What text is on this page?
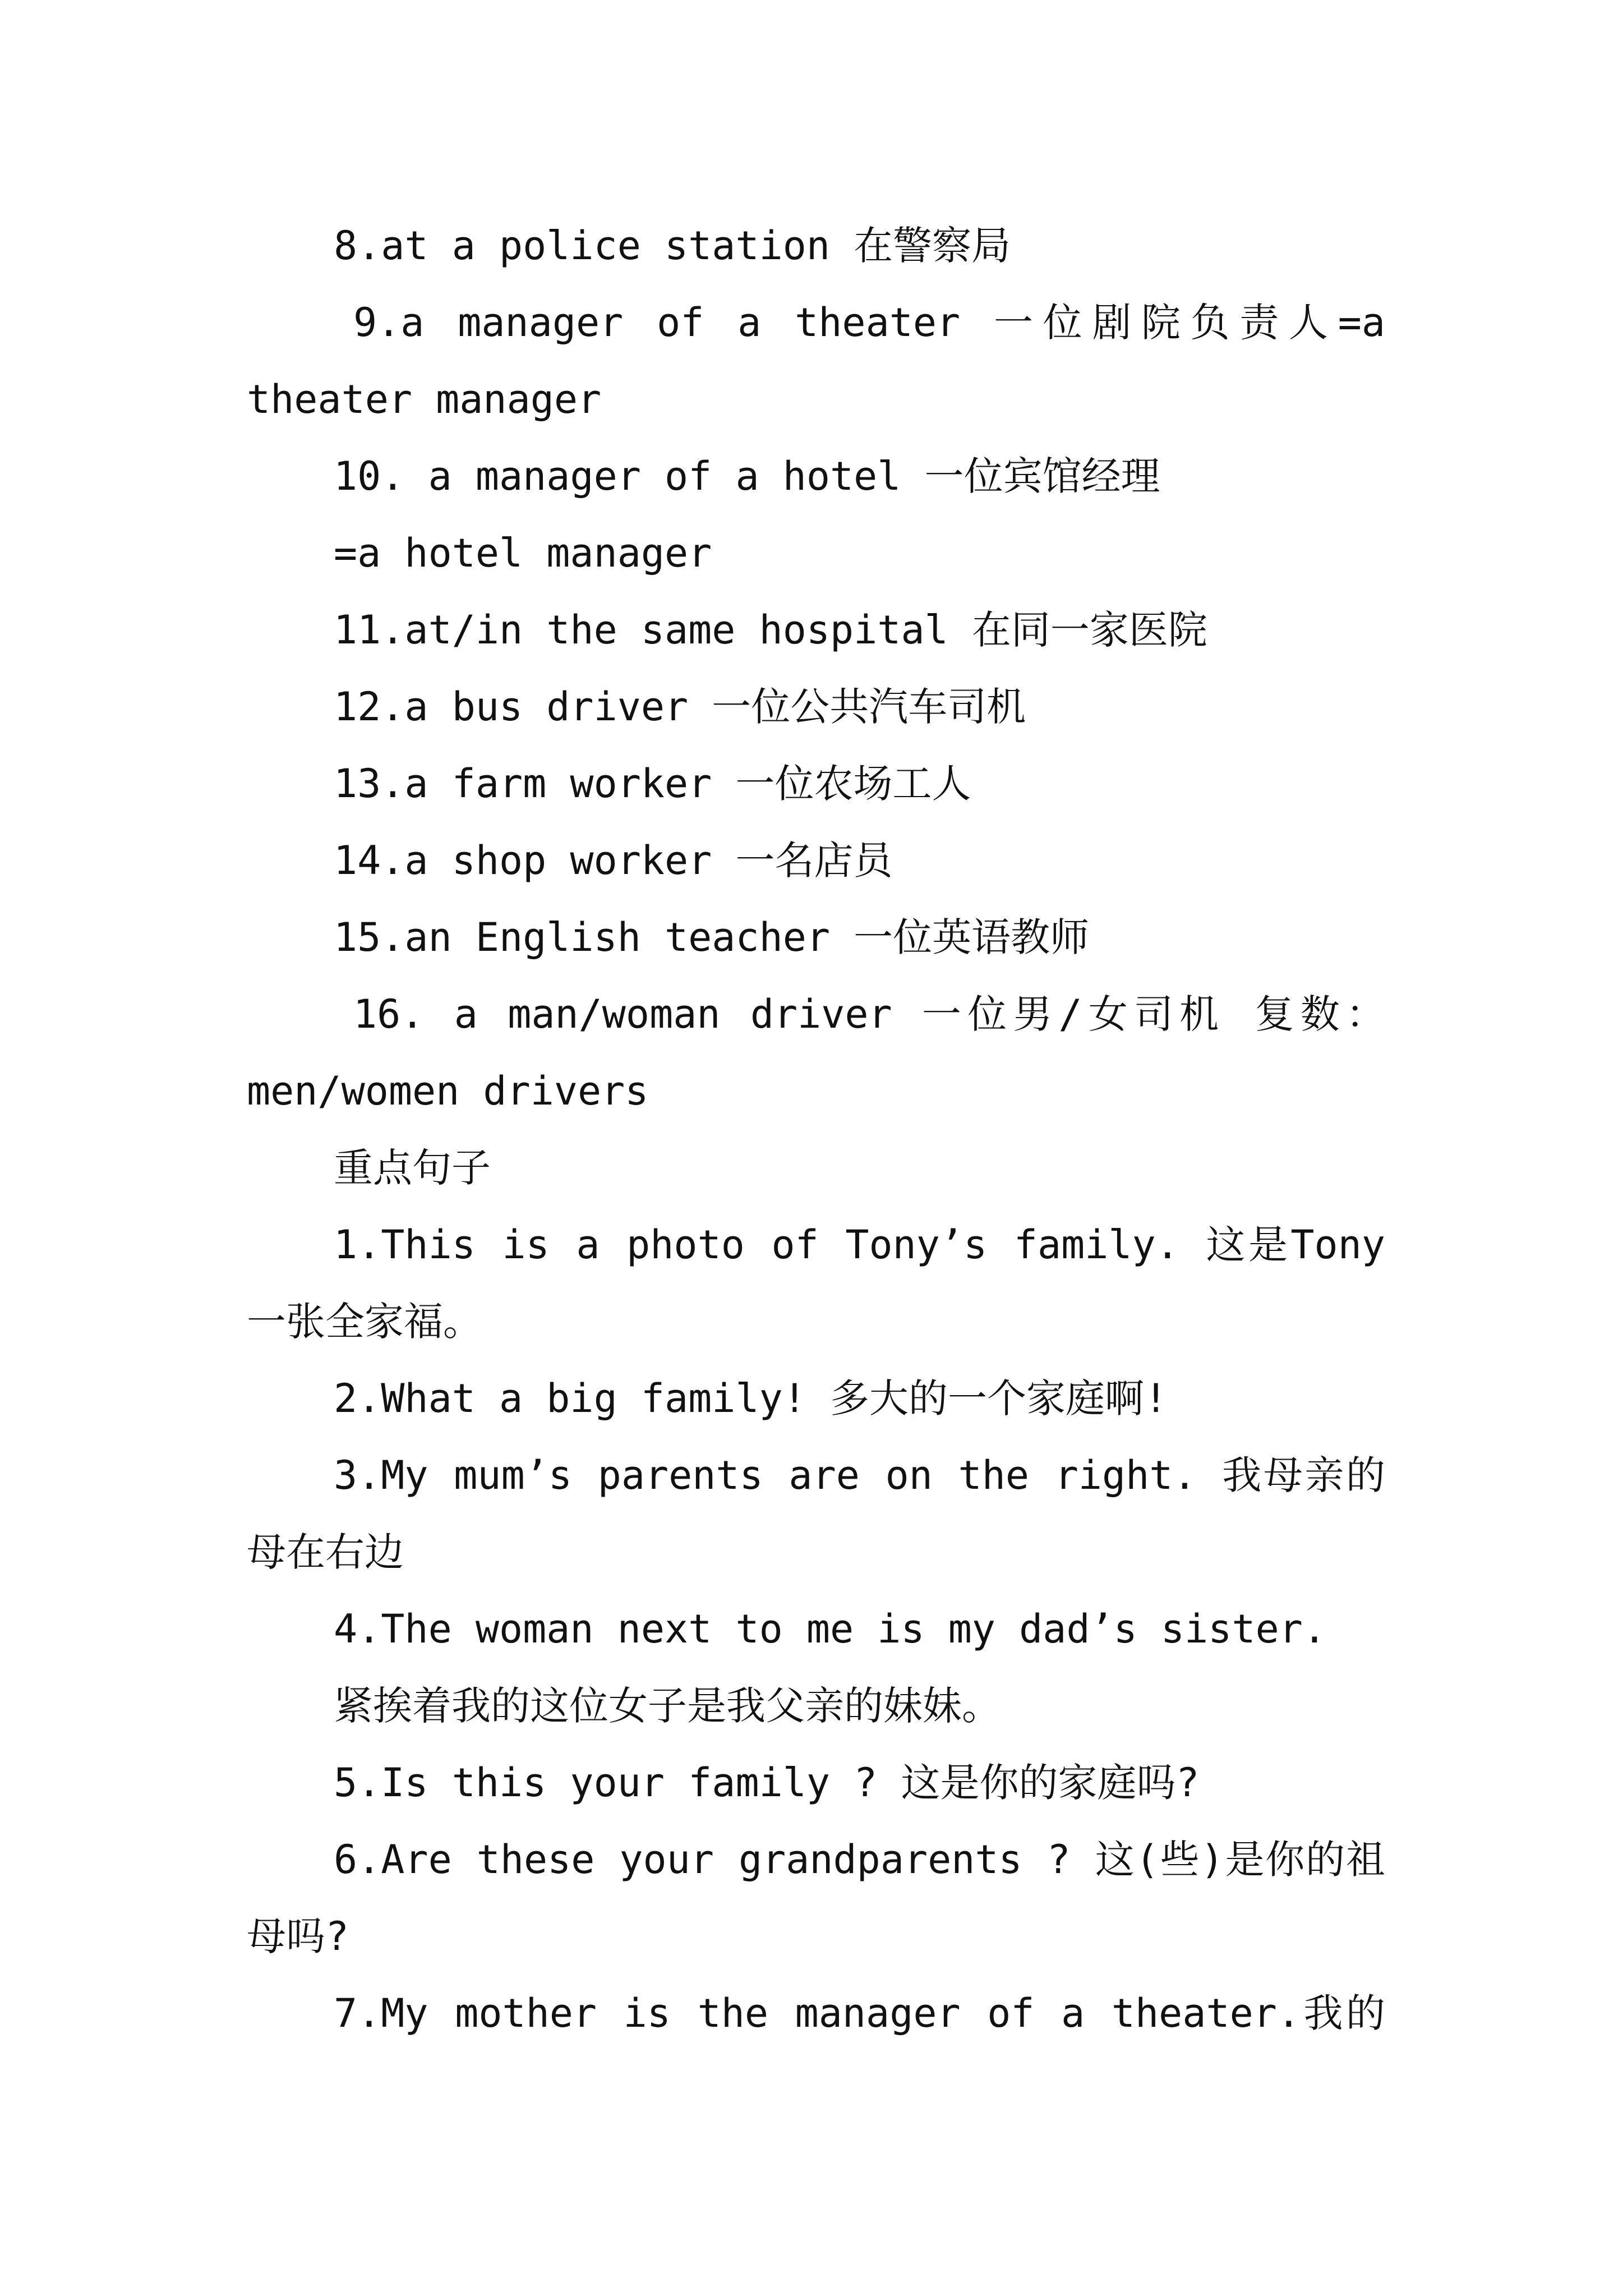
8.at a police station 在警察局

9.a manager of a theater 一位剧院负责人=a

theater manager

10. a manager of a hotel 一位宾馆经理

=a hotel manager

11.at/in the same hospital 在同一家医院

12.a bus driver 一位公共汽车司机

13.a farm worker 一位农场工人

14.a shop worker 一名店员

15.an English teacher 一位英语教师

16. a man/woman driver 一位男/女司机 复数：

men/women drivers

重点句子

1.This is a photo of Tony’s family. 这是Tony

一张全家福。

2.What a big family! 多大的一个家庭啊!

3.My mum’s parents are on the right. 我母亲的

母在右边

4.The woman next to me is my dad’s sister.

紧挨着我的这位女子是我父亲的妹妹。

5.Is this your family ? 这是你的家庭吗?

6.Are these your grandparents ? 这(些)是你的祖

母吗?

7.My mother is the manager of a theater.我的
